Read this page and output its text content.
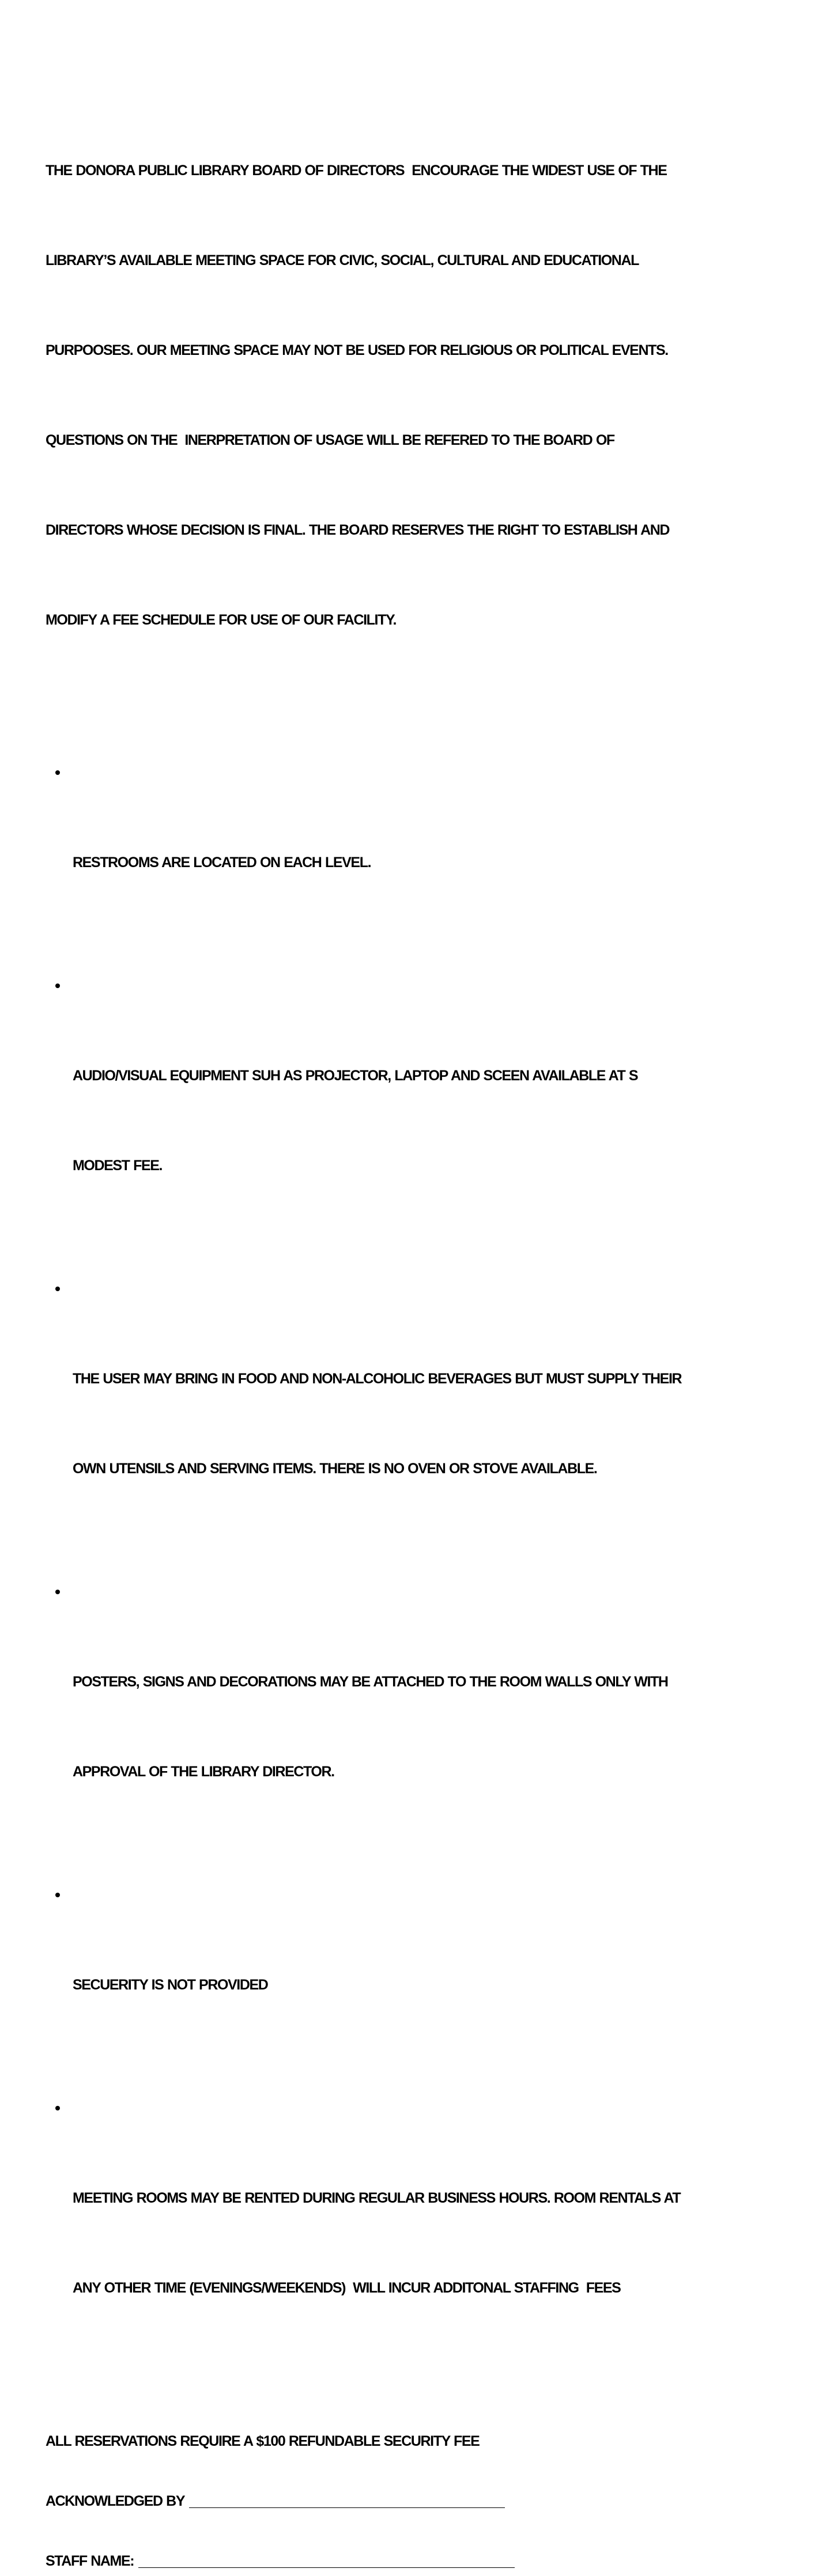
THE DONORA PUBLIC LIBRARY BOARD OF DIRECTORS  ENCOURAGE THE WIDEST USE OF THE

LIBRARY’S AVAILABLE MEETING SPACE FOR CIVIC, SOCIAL, CULTURAL AND EDUCATIONAL

PURPOOSES. OUR MEETING SPACE MAY NOT BE USED FOR RELIGIOUS OR POLITICAL EVENTS.

QUESTIONS ON THE  INERPRETATION OF USAGE WILL BE REFERED TO THE BOARD OF

DIRECTORS WHOSE DECISION IS FINAL. THE BOARD RESERVES THE RIGHT TO ESTABLISH AND

MODIFY A FEE SCHEDULE FOR USE OF OUR FACILITY.

RESTROOMS ARE LOCATED ON EACH LEVEL.

AUDIO/VISUAL EQUIPMENT SUH AS PROJECTOR, LAPTOP AND SCEEN AVAILABLE AT S

MODEST FEE.

THE USER MAY BRING IN FOOD AND NON-ALCOHOLIC BEVERAGES BUT MUST SUPPLY THEIR

OWN UTENSILS AND SERVING ITEMS. THERE IS NO OVEN OR STOVE AVAILABLE.

POSTERS, SIGNS AND DECORATIONS MAY BE ATTACHED TO THE ROOM WALLS ONLY WITH

APPROVAL OF THE LIBRARY DIRECTOR.

SECUERITY IS NOT PROVIDED

MEETING ROOMS MAY BE RENTED DURING REGULAR BUSINESS HOURS. ROOM RENTALS AT

ANY OTHER TIME (EVENINGS/WEEKENDS)  WILL INCUR ADDITONAL STAFFING  FEES

ALL RESERVATIONS REQUIRE A $100 REFUNDABLE SECURITY FEE

ACKNOWLEDGED BY
STAFF NAME:
